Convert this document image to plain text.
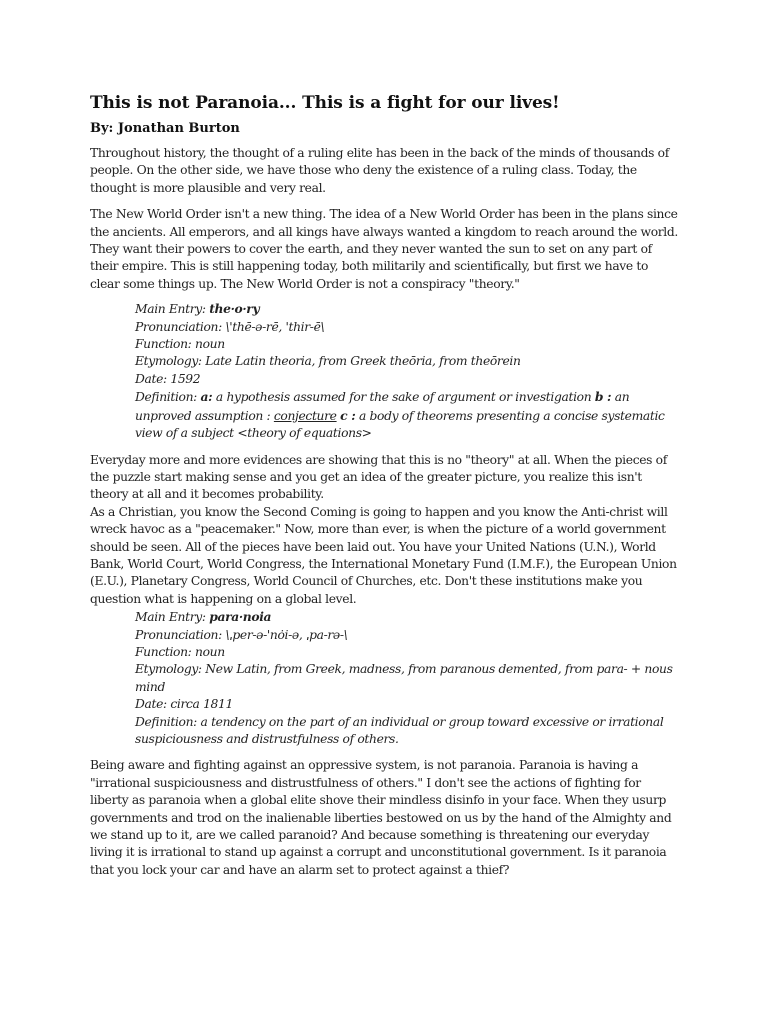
This is not Paranoia... This is a fight for our lives!
By: Jonathan Burton

Throughout history, the thought of a ruling elite has been in the back of the minds of thousands of people. On the other side, we have those who deny the existence of a ruling class. Today, the thought is more plausible and very real.

The New World Order isn't a new thing. The idea of a New World Order has been in the plans since the ancients. All emperors, and all kings have always wanted a kingdom to reach around the world. They want their powers to cover the earth, and they never wanted the sun to set on any part of their empire. This is still happening today, both militarily and scientifically, but first we have to clear some things up. The New World Order is not a conspiracy "theory."

Main Entry: the·o·ry
Pronunciation: \'thē-ə-rē, 'thir-ē\
Function: noun
Etymology: Late Latin theoria, from Greek theōria, from theōrein
Date: 1592
Definition: a: a hypothesis assumed for the sake of argument or investigation b : an unproved assumption : conjecture c : a body of theorems presenting a concise systematic view of a subject <theory of equations>

Everyday more and more evidences are showing that this is no "theory" at all. When the pieces of the puzzle start making sense and you get an idea of the greater picture, you realize this isn't theory at all and it becomes probability.

As a Christian, you know the Second Coming is going to happen and you know the Anti-christ will wreck havoc as a "peacemaker." Now, more than ever, is when the picture of a world government should be seen. All of the pieces have been laid out. You have your United Nations (U.N.), World Bank, World Court, World Congress, the International Monetary Fund (I.M.F.), the European Union (E.U.), Planetary Congress, World Council of Churches, etc. Don't these institutions make you question what is happening on a global level.

Main Entry: para·noia
Pronunciation: \ˌper-ə-'nȯi-ə, ˌpa-rə-\
Function: noun
Etymology: New Latin, from Greek, madness, from paranous demented, from para- + nous mind
Date: circa 1811
Definition: a tendency on the part of an individual or group toward excessive or irrational suspiciousness and distrustfulness of others.

Being aware and fighting against an oppressive system, is not paranoia. Paranoia is having a "irrational suspiciousness and distrustfulness of others." I don't see the actions of fighting for liberty as paranoia when a global elite shove their mindless disinfo in your face. When they usurp governments and trod on the inalienable liberties bestowed on us by the hand of the Almighty and we stand up to it, are we called paranoid? And because something is threatening our everyday living it is irrational to stand up against a corrupt and unconstitutional government. Is it paranoia that you lock your car and have an alarm set to protect against a thief?
